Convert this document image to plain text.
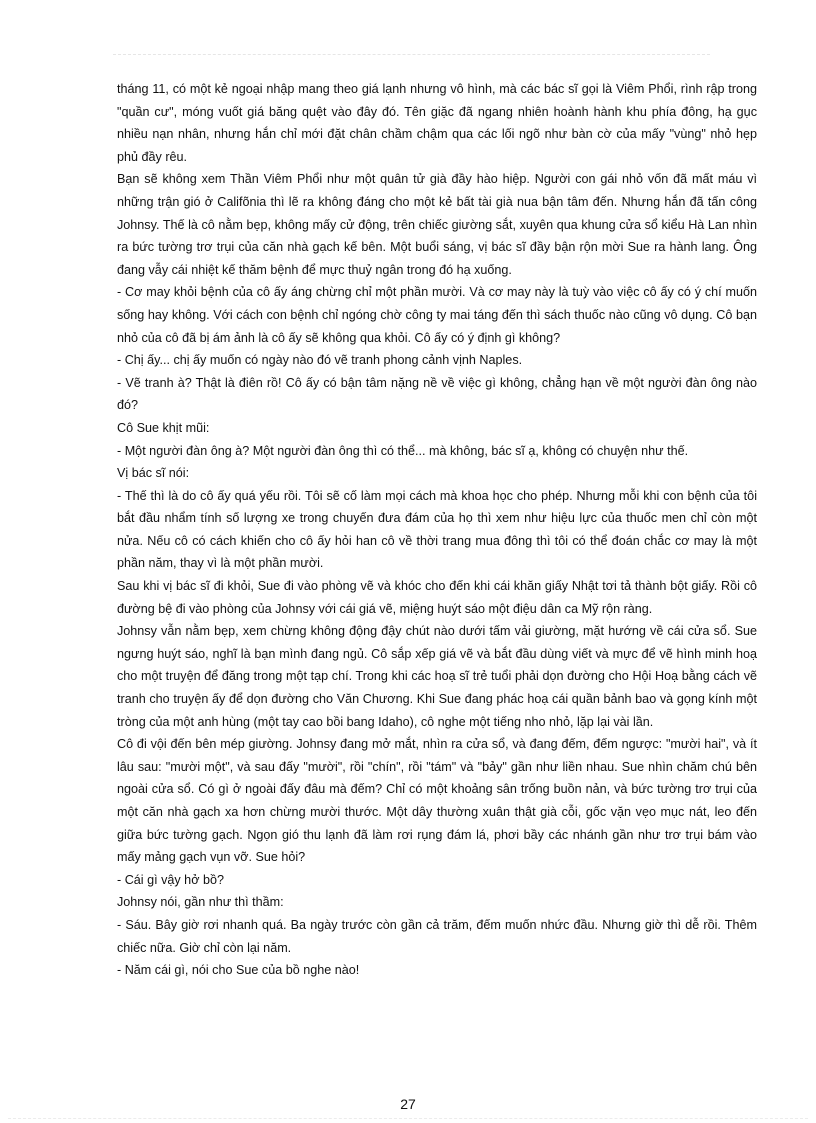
tháng 11, có một kẻ ngoại nhập mang theo giá lạnh nhưng vô hình, mà các bác sĩ gọi là Viêm Phổi, rình rập trong "quần cư", móng vuốt giá băng quệt vào đây đó. Tên giặc đã ngang nhiên hoành hành khu phía đông, hạ gục nhiều nạn nhân, nhưng hắn chỉ mới đặt chân chầm chậm qua các lối ngõ như bàn cờ của mấy "vùng" nhỏ hẹp phủ đầy rêu.

Bạn sẽ không xem Thần Viêm Phổi như một quân tử già đầy hào hiệp. Người con gái nhỏ vốn đã mất máu vì những trận gió ở Califõnia thì lẽ ra không đáng cho một kẻ bất tài già nua bận tâm đến. Nhưng hắn đã tấn công Johnsy. Thế là cô nằm bẹp, không mấy cử động, trên chiếc giường sắt, xuyên qua khung cửa sổ kiểu Hà Lan nhìn ra bức tường trơ trụi của căn nhà gạch kế bên. Một buổi sáng, vị bác sĩ đầy bận rộn mời Sue ra hành lang. Ông đang vẫy cái nhiệt kế thăm bệnh để mực thuỷ ngân trong đó hạ xuống.

- Cơ may khỏi bệnh của cô ấy áng chừng chỉ một phần mười. Và cơ may này là tuỳ vào việc cô ấy có ý chí muốn sống hay không. Với cách con bệnh chỉ ngóng chờ công ty mai táng đến thì sách thuốc nào cũng vô dụng. Cô bạn nhỏ của cô đã bị ám ảnh là cô ấy sẽ không qua khỏi. Cô ấy có ý định gì không?

- Chị ấy... chị ấy muốn có ngày nào đó vẽ tranh phong cảnh vịnh Naples.

- Vẽ tranh à? Thật là điên rồ! Cô ấy có bận tâm nặng nề về việc gì không, chẳng hạn về một người đàn ông nào đó?

Cô Sue khịt mũi:

- Một người đàn ông à? Một người đàn ông thì có thể... mà không, bác sĩ ạ, không có chuyện như thế.

Vị bác sĩ nói:

- Thế thì là do cô ấy quá yếu rồi. Tôi sẽ cố làm mọi cách mà khoa học cho phép. Nhưng mỗi khi con bệnh của tôi bắt đầu nhẩm tính số lượng xe trong chuyến đưa đám của họ thì xem như hiệu lực của thuốc men chỉ còn một nửa. Nếu cô có cách khiến cho cô ấy hỏi han cô về thời trang mua đông thì tôi có thể đoán chắc cơ may là một phần năm, thay vì là một phần mười.

Sau khi vị bác sĩ đi khỏi, Sue đi vào phòng vẽ và khóc cho đến khi cái khăn giấy Nhật tơi tả thành bột giấy. Rồi cô đường bệ đi vào phòng của Johnsy với cái giá vẽ, miệng huýt sáo một điệu dân ca Mỹ rộn ràng.

Johnsy vẫn nằm bẹp, xem chừng không động đậy chút nào dưới tấm vải giường, mặt hướng về cái cửa sổ. Sue ngưng huýt sáo, nghĩ là bạn mình đang ngủ. Cô sắp xếp giá vẽ và bắt đầu dùng viết và mực để vẽ hình minh hoạ cho một truyện để đăng trong một tạp chí. Trong khi các hoạ sĩ trẻ tuổi phải dọn đường cho Hội Hoạ bằng cách vẽ tranh cho truyện ấy để dọn đường cho Văn Chương. Khi Sue đang phác hoạ cái quần bảnh bao và gọng kính một tròng của một anh hùng (một tay cao bồi bang Idaho), cô nghe một tiếng nho nhỏ, lặp lại vài lần.

Cô đi vội đến bên mép giường. Johnsy đang mở mắt, nhìn ra cửa sổ, và đang đếm, đếm ngược: "mười hai", và ít lâu sau: "mười một", và sau đấy "mười", rồi "chín", rồi "tám" và "bảy" gần như liền nhau. Sue nhìn chăm chú bên ngoài cửa sổ. Có gì ở ngoài đấy đâu mà đếm? Chỉ có một khoảng sân trống buồn nản, và bức tường trơ trụi của một căn nhà gạch xa hơn chừng mười thước. Một dây thường xuân thật già cỗi, gốc vặn vẹo mục nát, leo đến giữa bức tường gạch. Ngọn gió thu lạnh đã làm rơi rụng đám lá, phơi bầy các nhánh gần như trơ trụi bám vào mấy mảng gạch vụn vỡ. Sue hỏi?

- Cái gì vậy hở bồ?

Johnsy nói, gần như thì thầm:

- Sáu. Bây giờ rơi nhanh quá. Ba ngày trước còn gần cả trăm, đếm muốn nhức đầu. Nhưng giờ thì dễ rồi. Thêm chiếc nữa. Giờ chỉ còn lại năm.

- Năm cái gì, nói cho Sue của bồ nghe nào!

27
